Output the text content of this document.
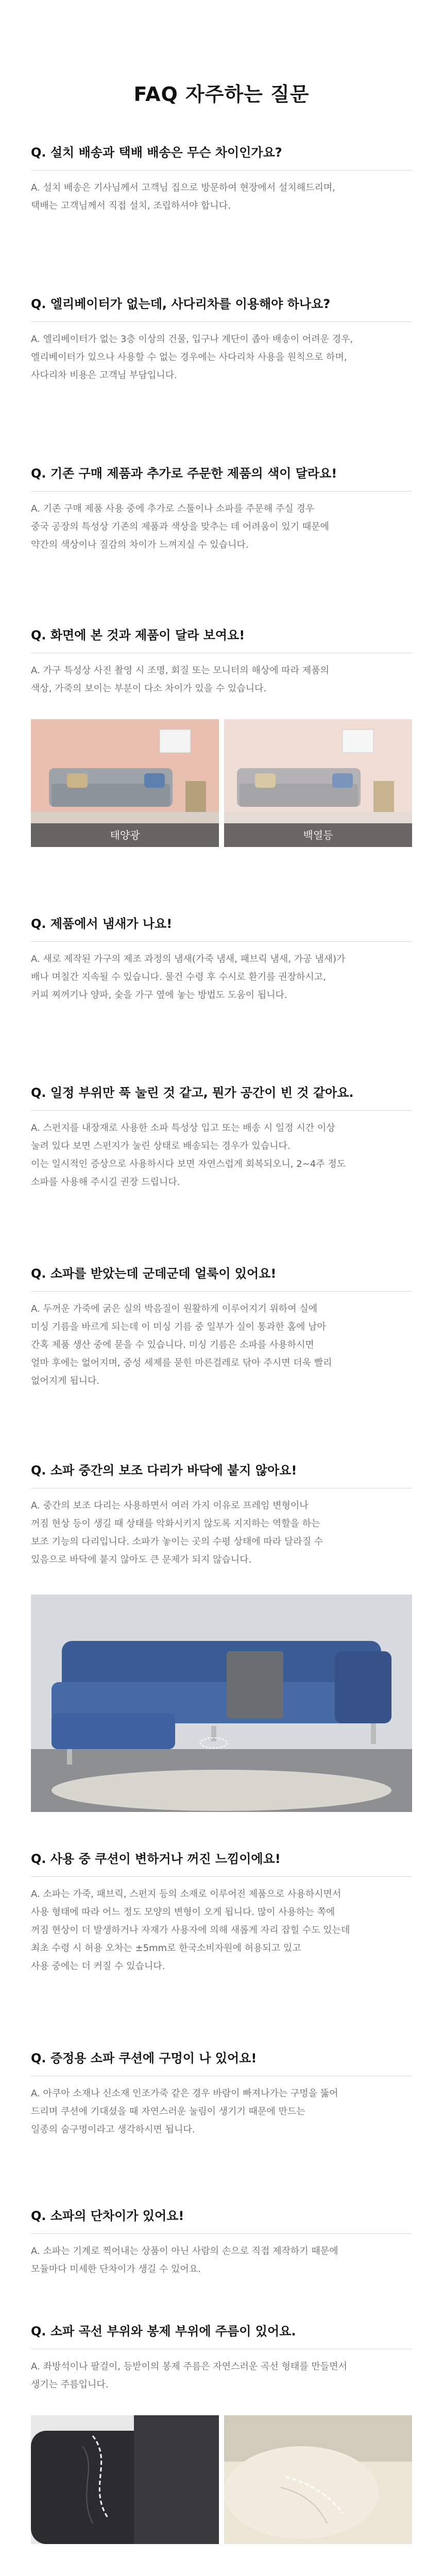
FAQ 자주하는 질문
Q. 설치 배송과 택배 배송은 무슨 차이인가요?

A. 설치 배송은 기사님께서 고객님 집으로 방문하여 현장에서 설치해드리며,
택배는 고객님께서 직접 설치, 조립하셔야 합니다.

Q. 엘리베이터가 없는데, 사다리차를 이용해야 하나요?

A. 엘리베이터가 없는 3층 이상의 건물, 입구나 계단이 좁아 배송이 어려운 경우,
엘리베이터가 있으나 사용할 수 없는 경우에는 사다리차 사용을 원칙으로 하며,
사다리차 비용은 고객님 부담입니다.

Q. 기존 구매 제품과 추가로 주문한 제품의 색이 달라요!

A. 기존 구매 제품 사용 중에 추가로 스툴이나 소파를 주문해 주실 경우
중국 공장의 특성상 기존의 제품과 색상을 맞추는 데 어려움이 있기 때문에
약간의 색상이나 질감의 차이가 느껴지실 수 있습니다.

Q. 화면에 본 것과 제품이 달라 보여요!

A. 가구 특성상 사진 촬영 시 조명, 회질 또는 모니터의 해상에 따라 제품의
색상, 가죽의 보이는 부분이 다소 차이가 있을 수 있습니다.

태양광	백열등
Q. 제품에서 냄새가 나요!

A. 새로 제작된 가구의 제조 과정의 냄새(가죽 냄새, 패브릭 냄새, 가공 냄새)가
배나 며칠간 지속될 수 있습니다. 물건 수령 후 수시로 환기를 권장하시고,
커피 찌꺼기나 양파, 숯을 가구 옆에 놓는 방법도 도움이 됩니다.

Q. 일정 부위만 푹 눌린 것 같고, 뭔가 공간이 빈 것 같아요.

A. 스펀지를 내장재로 사용한 소파 특성상 입고 또는 배송 시 일정 시간 이상
눌려 있다 보면 스펀지가 눌린 상태로 배송되는 경우가 있습니다.
이는 일시적인 증상으로 사용하시다 보면 자연스럽게 회복되오니, 2~4주 정도
소파를 사용해 주시길 권장 드립니다.

Q. 소파를 받았는데 군데군데 얼룩이 있어요!

A. 두꺼운 가죽에 굵은 실의 박음질이 원활하게 이루어지기 위하여 실에
미싱 기름을 바르게 되는데 이 미싱 기름 중 일부가 실이 통과한 홈에 남아
간혹 제품 생산 중에 묻을 수 있습니다. 미싱 기름은 소파를 사용하시면
얼마 후에는 없어지며, 중성 세제를 묻힌 마른걸레로 닦아 주시면 더욱 빨리
없어지게 됩니다.

Q. 소파 중간의 보조 다리가 바닥에 붙지 않아요!

A. 중간의 보조 다리는 사용하면서 여러 가지 이유로 프레임 변형이나
꺼짐 현상 등이 생길 때 상태를 악화시키지 않도록 지지하는 역할을 하는
보조 기능의 다리입니다. 소파가 놓이는 곳의 수평 상태에 따라 달라질 수
있음으로 바닥에 붙지 않아도 큰 문제가 되지 않습니다.

Q. 사용 중 쿠션이 변하거나 꺼진 느낌이에요!

A. 소파는 가죽, 패브릭, 스펀지 등의 소재로 이루어진 제품으로 사용하시면서
사용 형태에 따라 어느 정도 모양의 변형이 오게 됩니다. 많이 사용하는 쪽에
꺼짐 현상이 더 발생하거나 자재가 사용자에 의해 새롭게 자리 잡힐 수도 있는데
최초 수령 시 허용 오차는 ±5mm로 한국소비자원에 허용되고 있고
사용 중에는 더 커질 수 있습니다.

Q. 증정용 소파 쿠션에 구멍이 나 있어요!

A. 아쿠아 소재나 신소재 인조가죽 같은 경우 바람이 빠져나가는 구멍을 뚫어
드리며 쿠션에 기대셨을 때 자연스러운 눌림이 생기기 때문에 만드는
일종의 숨구멍이라고 생각하시면 됩니다.

Q. 소파의 단차이가 있어요!

A. 소파는 기계로 찍어내는 상품이 아닌 사람의 손으로 직접 제작하기 때문에
모듈마다 미세한 단차이가 생길 수 있어요.

Q. 소파 곡선 부위와 봉제 부위에 주름이 있어요.

A. 좌방석이나 팔걸이, 등받이의 봉제 주름은 자연스러운 곡선 형태를 만들면서
생기는 주름입니다.
